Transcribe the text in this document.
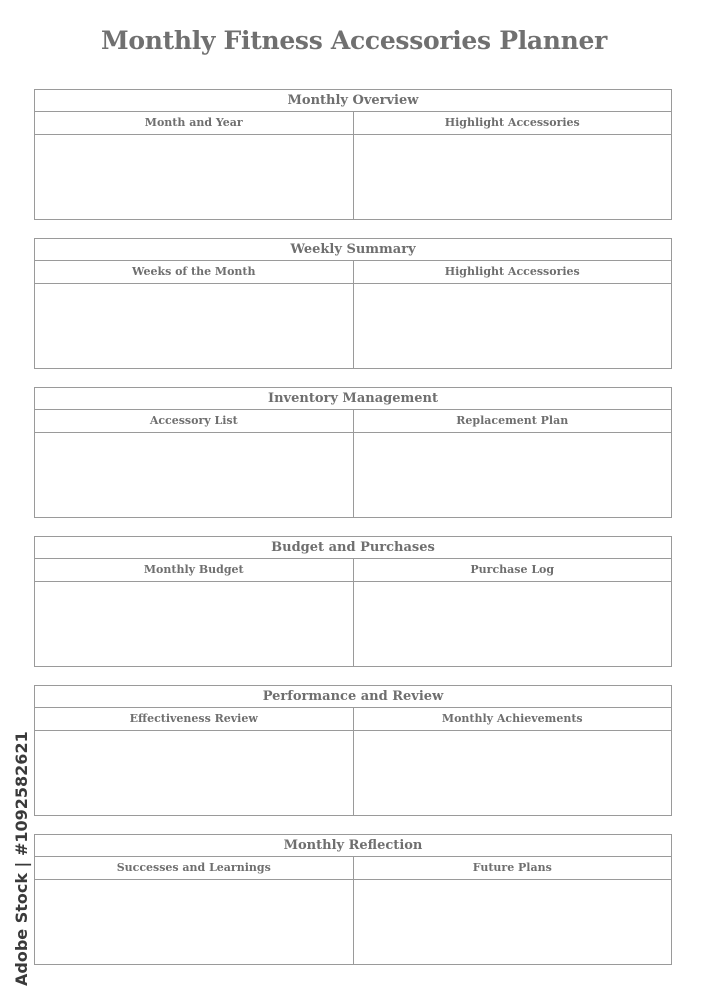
Monthly Fitness Accessories Planner
Monthly Overview
Month and Year	Highlight Accessories
Weekly Summary
Weeks of the Month	Highlight Accessories
Inventory Management
Accessory List	Replacement Plan
Budget and Purchases
Monthly Budget	Purchase Log
Performance and Review
Effectiveness Review	Monthly Achievements
Monthly Reflection
Successes and Learnings	Future Plans
Adobe Stock | #1092582621
